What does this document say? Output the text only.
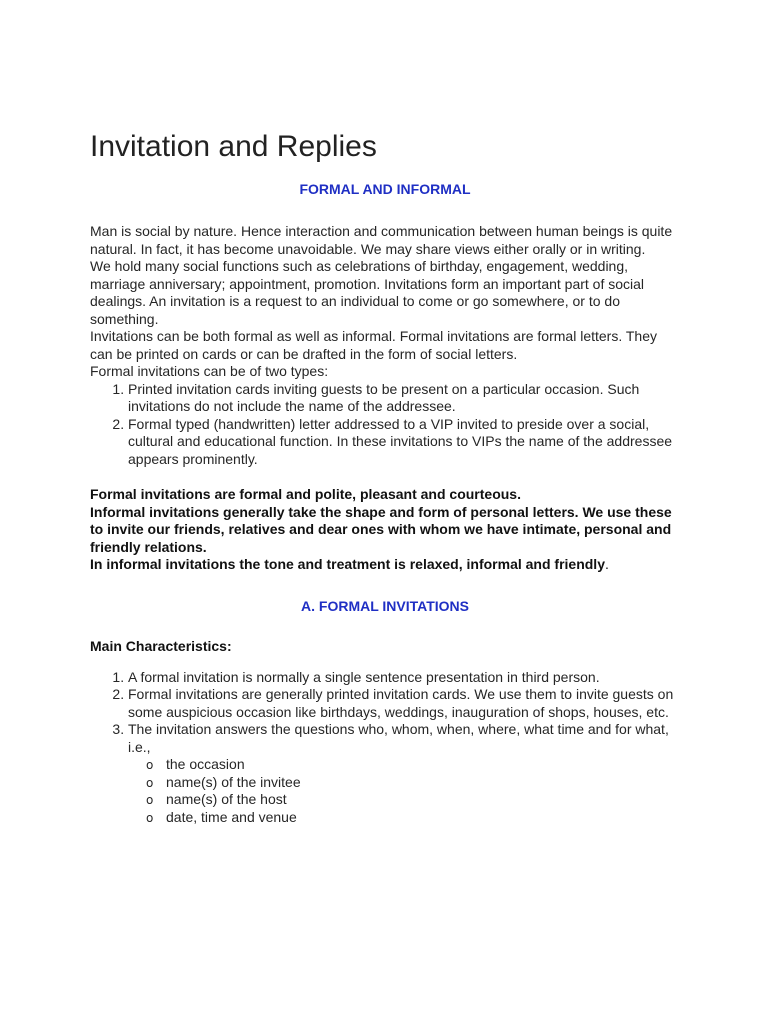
Invitation and Replies

FORMAL AND INFORMAL

Man is social by nature. Hence interaction and communication between human beings is quite natural. In fact, it has become unavoidable. We may share views either orally or in writing.

We hold many social functions such as celebrations of birthday, engagement, wedding, marriage anniversary; appointment, promotion. Invitations form an important part of social dealings. An invitation is a request to an individual to come or go somewhere, or to do something.

Invitations can be both formal as well as informal. Formal invitations are formal letters. They can be printed on cards or can be drafted in the form of social letters.

Formal invitations can be of two types:

1. Printed invitation cards inviting guests to be present on a particular occasion. Such invitations do not include the name of the addressee.
2. Formal typed (handwritten) letter addressed to a VIP invited to preside over a social, cultural and educational function. In these invitations to VIPs the name of the addressee appears prominently.
Formal invitations are formal and polite, pleasant and courteous.
Informal invitations generally take the shape and form of personal letters. We use these to invite our friends, relatives and dear ones with whom we have intimate, personal and friendly relations.
In informal invitations the tone and treatment is relaxed, informal and friendly.

A. FORMAL INVITATIONS

Main Characteristics:

1. A formal invitation is normally a single sentence presentation in third person.
2. Formal invitations are generally printed invitation cards. We use them to invite guests on some auspicious occasion like birthdays, weddings, inauguration of shops, houses, etc.
3. The invitation answers the questions who, whom, when, where, what time and for what, i.e.,
o the occasion
o name(s) of the invitee
o name(s) of the host
o date, time and venue
